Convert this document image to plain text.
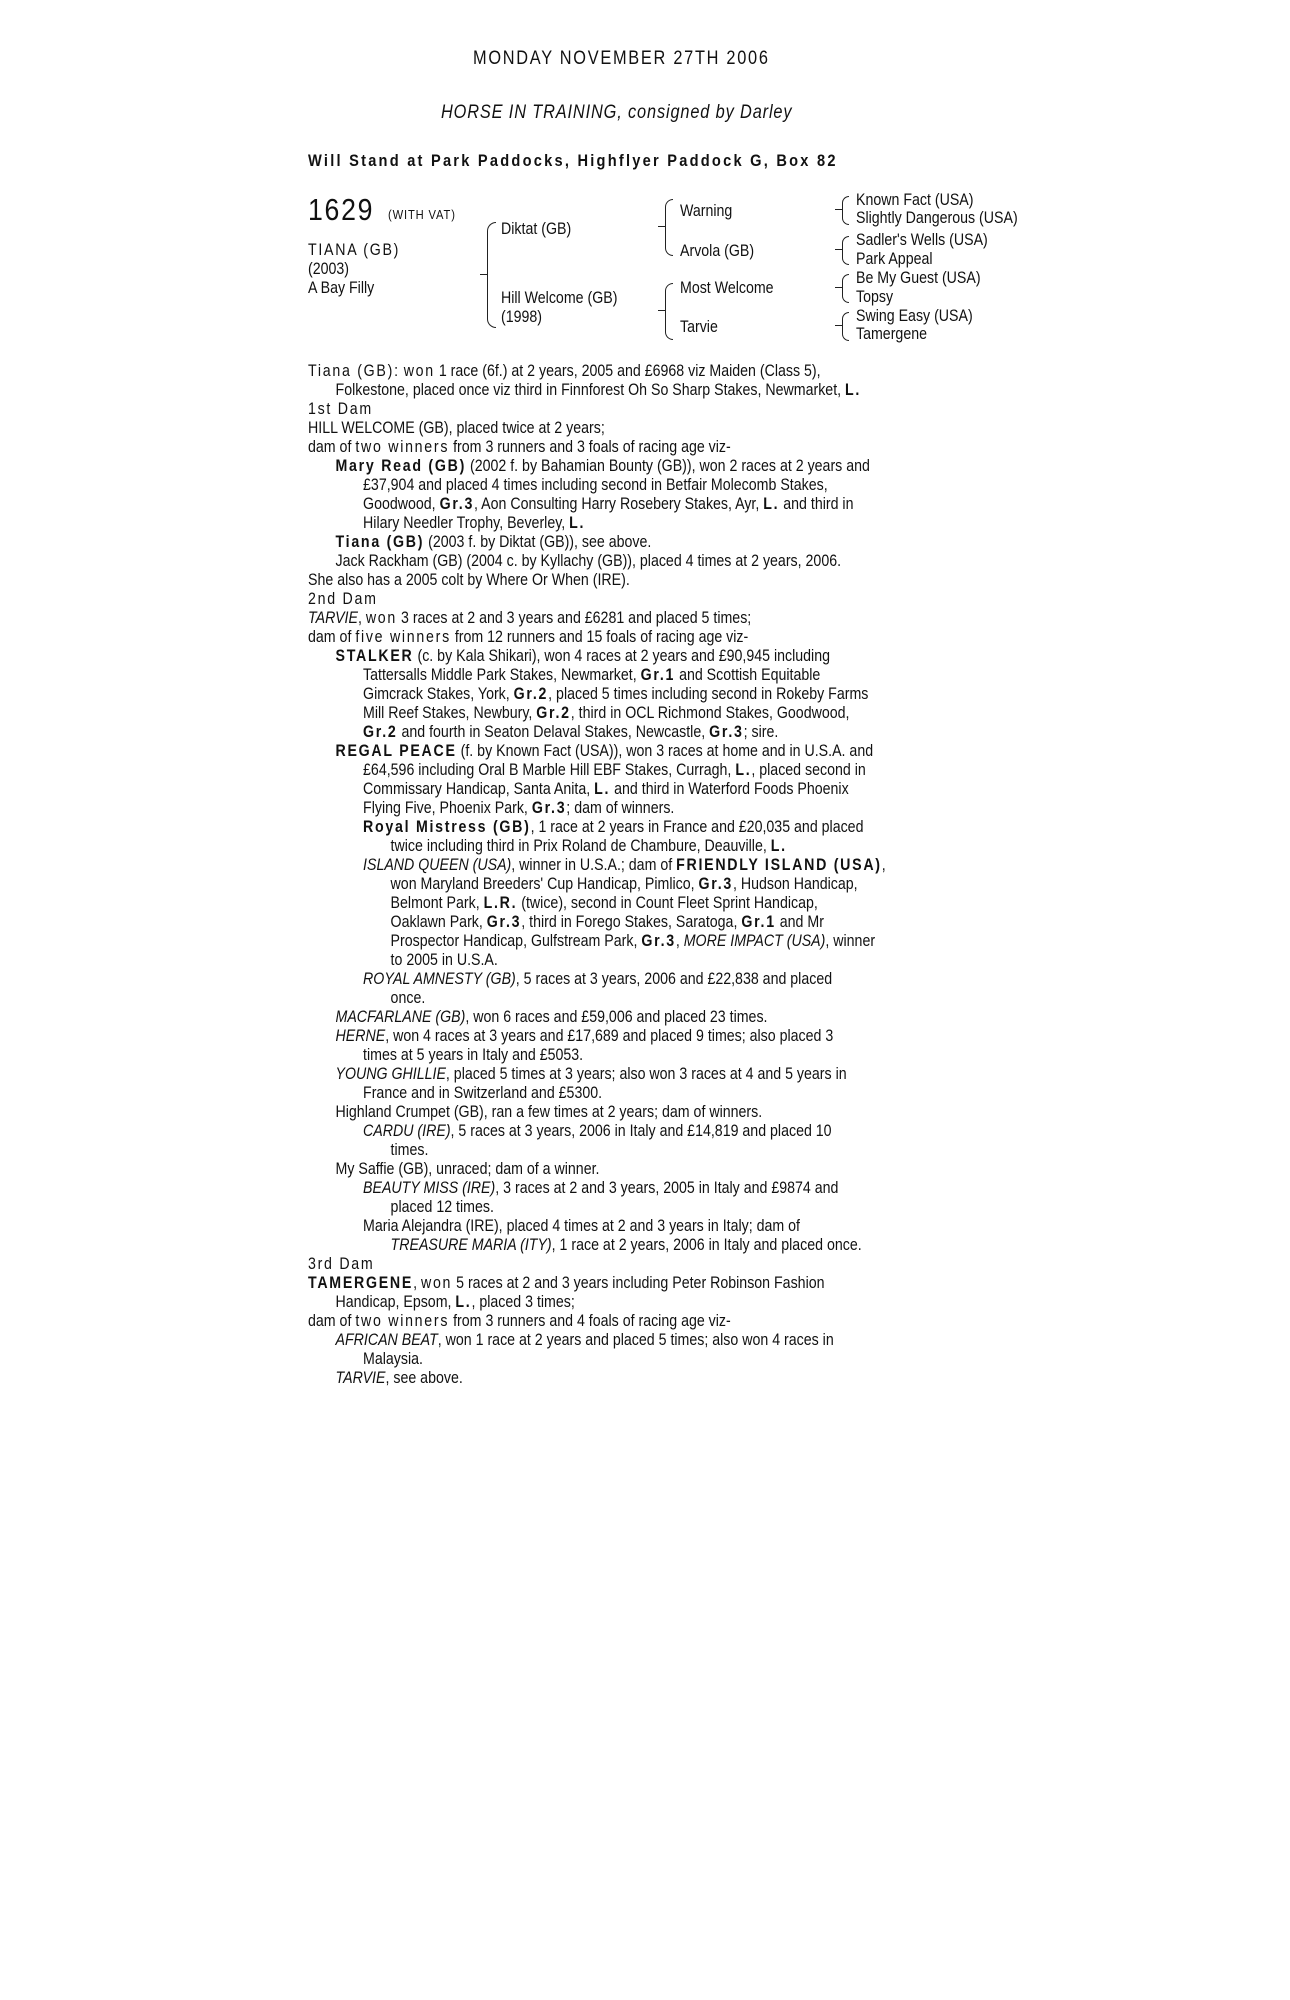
MONDAY NOVEMBER 27TH 2006
HORSE IN TRAINING, consigned by Darley
Will Stand at Park Paddocks, Highflyer Paddock G, Box 82
1629 (WITH VAT)
TIANA (GB)
(2003)
A Bay Filly
Diktat (GB)
Hill Welcome (GB)
(1998)
Warning
Arvola (GB)
Most Welcome
Tarvie
Known Fact (USA)
Slightly Dangerous (USA)
Sadler's Wells (USA)
Park Appeal
Be My Guest (USA)
Topsy
Swing Easy (USA)
Tamergene

Tiana (GB): won 1 race (6f.) at 2 years, 2005 and £6968 viz Maiden (Class 5),
Folkestone, placed once viz third in Finnforest Oh So Sharp Stakes, Newmarket, L.

1st Dam

HILL WELCOME (GB), placed twice at 2 years;
dam of two winners from 3 runners and 3 foals of racing age viz-
Mary Read (GB) (2002 f. by Bahamian Bounty (GB)), won 2 races at 2 years and
£37,904 and placed 4 times including second in Betfair Molecomb Stakes,
Goodwood, Gr.3, Aon Consulting Harry Rosebery Stakes, Ayr, L. and third in
Hilary Needler Trophy, Beverley, L.
Tiana (GB) (2003 f. by Diktat (GB)), see above.
Jack Rackham (GB) (2004 c. by Kyllachy (GB)), placed 4 times at 2 years, 2006.
She also has a 2005 colt by Where Or When (IRE).

2nd Dam

TARVIE, won 3 races at 2 and 3 years and £6281 and placed 5 times;
dam of five winners from 12 runners and 15 foals of racing age viz-
STALKER (c. by Kala Shikari), won 4 races at 2 years and £90,945 including
Tattersalls Middle Park Stakes, Newmarket, Gr.1 and Scottish Equitable
Gimcrack Stakes, York, Gr.2, placed 5 times including second in Rokeby Farms
Mill Reef Stakes, Newbury, Gr.2, third in OCL Richmond Stakes, Goodwood,
Gr.2 and fourth in Seaton Delaval Stakes, Newcastle, Gr.3; sire.
REGAL PEACE (f. by Known Fact (USA)), won 3 races at home and in U.S.A. and
£64,596 including Oral B Marble Hill EBF Stakes, Curragh, L., placed second in
Commissary Handicap, Santa Anita, L. and third in Waterford Foods Phoenix
Flying Five, Phoenix Park, Gr.3; dam of winners.
Royal Mistress (GB), 1 race at 2 years in France and £20,035 and placed
twice including third in Prix Roland de Chambure, Deauville, L.
ISLAND QUEEN (USA), winner in U.S.A.; dam of FRIENDLY ISLAND (USA),
won Maryland Breeders' Cup Handicap, Pimlico, Gr.3, Hudson Handicap,
Belmont Park, L.R. (twice), second in Count Fleet Sprint Handicap,
Oaklawn Park, Gr.3, third in Forego Stakes, Saratoga, Gr.1 and Mr
Prospector Handicap, Gulfstream Park, Gr.3, MORE IMPACT (USA), winner
to 2005 in U.S.A.
ROYAL AMNESTY (GB), 5 races at 3 years, 2006 and £22,838 and placed
once.
MACFARLANE (GB), won 6 races and £59,006 and placed 23 times.
HERNE, won 4 races at 3 years and £17,689 and placed 9 times; also placed 3
times at 5 years in Italy and £5053.
YOUNG GHILLIE, placed 5 times at 3 years; also won 3 races at 4 and 5 years in
France and in Switzerland and £5300.
Highland Crumpet (GB), ran a few times at 2 years; dam of winners.
CARDU (IRE), 5 races at 3 years, 2006 in Italy and £14,819 and placed 10
times.
My Saffie (GB), unraced; dam of a winner.
BEAUTY MISS (IRE), 3 races at 2 and 3 years, 2005 in Italy and £9874 and
placed 12 times.
Maria Alejandra (IRE), placed 4 times at 2 and 3 years in Italy; dam of
TREASURE MARIA (ITY), 1 race at 2 years, 2006 in Italy and placed once.

3rd Dam

TAMERGENE, won 5 races at 2 and 3 years including Peter Robinson Fashion
Handicap, Epsom, L., placed 3 times;
dam of two winners from 3 runners and 4 foals of racing age viz-
AFRICAN BEAT, won 1 race at 2 years and placed 5 times; also won 4 races in
Malaysia.
TARVIE, see above.
